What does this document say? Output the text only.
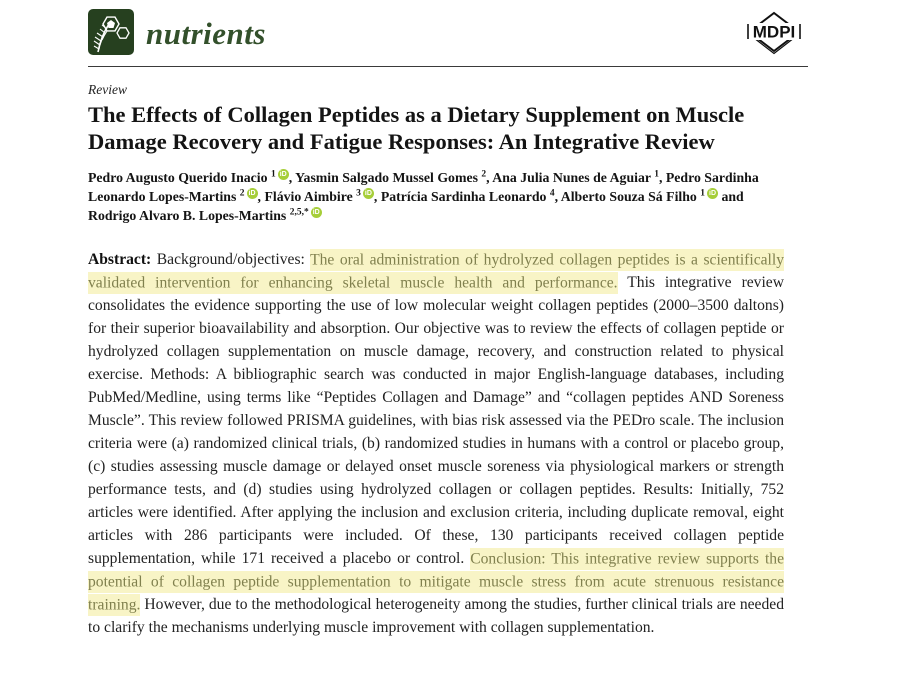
nutrients	MDPI
Review
The Effects of Collagen Peptides as a Dietary Supplement on Muscle Damage Recovery and Fatigue Responses: An Integrative Review
Pedro Augusto Querido Inacio $^1$ iD , Yasmin Salgado Mussel Gomes $^2$, Ana Julia Nunes de Aguiar $^1$, Pedro Sardinha Leonardo Lopes-Martins $^2$ iD , Flávio Aimbire $^3$ iD , Patrícia Sardinha Leonardo $^4$, Alberto Souza Sá Filho $^1$ iD and Rodrigo Alvaro B. Lopes-Martins $^{2,5,*}$ iD

Abstract: Background/objectives: The oral administration of hydrolyzed collagen peptides is a scientifically validated intervention for enhancing skeletal muscle health and performance. This integrative review consolidates the evidence supporting the use of low molecular weight collagen peptides (2000–3500 daltons) for their superior bioavailability and absorption. Our objective was to review the effects of collagen peptide or hydrolyzed collagen supplementation on muscle damage, recovery, and construction related to physical exercise. Methods: A bibliographic search was conducted in major English-language databases, including PubMed/Medline, using terms like “Peptides Collagen and Damage” and “collagen peptides AND Soreness Muscle”. This review followed PRISMA guidelines, with bias risk assessed via the PEDro scale. The inclusion criteria were (a) randomized clinical trials, (b) randomized studies in humans with a control or placebo group, (c) studies assessing muscle damage or delayed onset muscle soreness via physiological markers or strength performance tests, and (d) studies using hydrolyzed collagen or collagen peptides. Results: Initially, 752 articles were identified. After applying the inclusion and exclusion criteria, including duplicate removal, eight articles with 286 participants were included. Of these, 130 participants received collagen peptide supplementation, while 171 received a placebo or control. Conclusion: This integrative review supports the potential of collagen peptide supplementation to mitigate muscle stress from acute strenuous resistance training. However, due to the methodological heterogeneity among the studies, further clinical trials are needed to clarify the mechanisms underlying muscle improvement with collagen supplementation.
